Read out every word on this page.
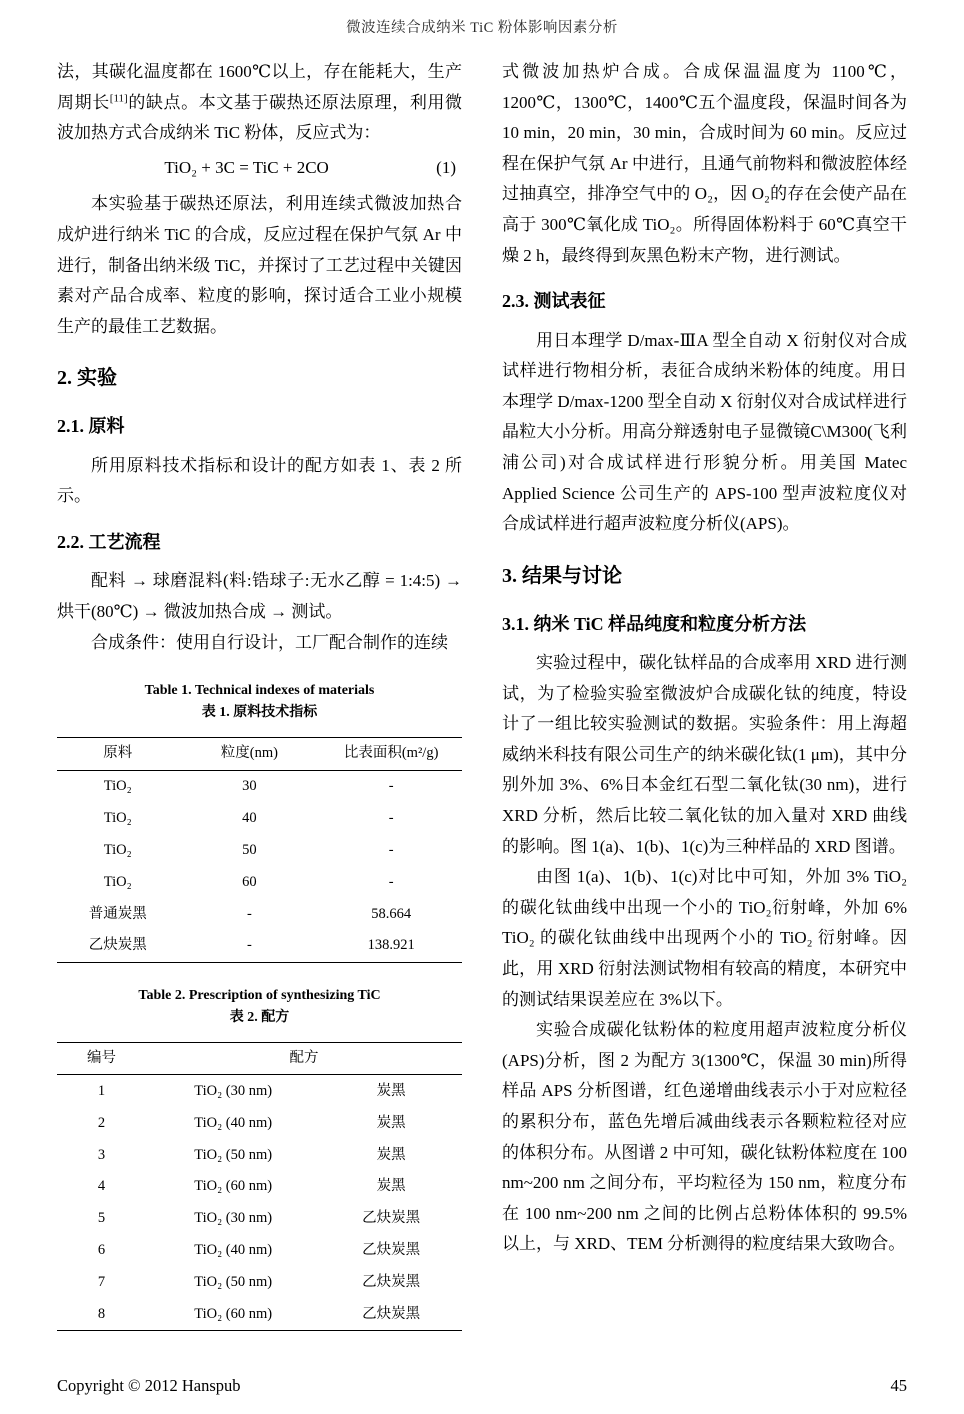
微波连续合成纳米 TiC 粉体影响因素分析

法，其碳化温度都在 1600℃以上，存在能耗大，生产周期长[11]的缺点。本文基于碳热还原法原理，利用微波加热方式合成纳米 TiC 粉体，反应式为：

TiO₂ + 3C = TiC + 2CO	(1)

本实验基于碳热还原法，利用连续式微波加热合成炉进行纳米 TiC 的合成，反应过程在保护气氛 Ar 中进行，制备出纳米级 TiC，并探讨了工艺过程中关键因素对产品合成率、粒度的影响，探讨适合工业小规模生产的最佳工艺数据。

2. 实验
2.1. 原料

所用原料技术指标和设计的配方如表 1、表 2 所示。

2.2. 工艺流程

配料 → 球磨混料(料:锆球子:无水乙醇 = 1:4:5) → 烘干(80℃) → 微波加热合成 → 测试。

合成条件：使用自行设计，工厂配合制作的连续

Table 1. Technical indexes of materials
表 1. 原料技术指标
原料	粒度(nm)	比表面积(m²/g)
TiO₂	30	-
TiO₂	40	-
TiO₂	50	-
TiO₂	60	-
普通炭黑	-	58.664
乙炔炭黑	-	138.921
Table 2. Prescription of synthesizing TiC
表 2. 配方
编号	配方	
1	TiO₂ (30 nm)	炭黑
2	TiO₂ (40 nm)	炭黑
3	TiO₂ (50 nm)	炭黑
4	TiO₂ (60 nm)	炭黑
5	TiO₂ (30 nm)	乙炔炭黑
6	TiO₂ (40 nm)	乙炔炭黑
7	TiO₂ (50 nm)	乙炔炭黑
8	TiO₂ (60 nm)	乙炔炭黑

式微波加热炉合成。合成保温温度为 1100℃，1200℃，1300℃，1400℃五个温度段，保温时间各为 10 min，20 min，30 min，合成时间为 60 min。反应过程在保护气氛 Ar 中进行，且通气前物料和微波腔体经过抽真空，排净空气中的 O₂，因 O₂的存在会使产品在高于 300℃氧化成 TiO₂。所得固体粉料于 60℃真空干燥 2 h，最终得到灰黑色粉末产物，进行测试。

2.3. 测试表征

用日本理学 D/max-ⅢA 型全自动 X 衍射仪对合成试样进行物相分析，表征合成纳米粉体的纯度。用日本理学 D/max-1200 型全自动 X 衍射仪对合成试样进行晶粒大小分析。用高分辩透射电子显微镜C\M300(飞利浦公司)对合成试样进行形貌分析。用美国 Matec Applied Science 公司生产的 APS-100 型声波粒度仪对合成试样进行超声波粒度分析仪(APS)。

3. 结果与讨论
3.1. 纳米 TiC 样品纯度和粒度分析方法

实验过程中，碳化钛样品的合成率用 XRD 进行测试，为了检验实验室微波炉合成碳化钛的纯度，特设计了一组比较实验测试的数据。实验条件：用上海超威纳米科技有限公司生产的纳米碳化钛(1 μm)，其中分别外加 3%、6%日本金红石型二氧化钛(30 nm)，进行 XRD 分析，然后比较二氧化钛的加入量对 XRD 曲线的影响。图 1(a)、1(b)、1(c)为三种样品的 XRD 图谱。

由图 1(a)、1(b)、1(c)对比中可知，外加 3% TiO₂的碳化钛曲线中出现一个小的 TiO₂衍射峰，外加 6% TiO₂ 的碳化钛曲线中出现两个小的 TiO₂ 衍射峰。因此，用 XRD 衍射法测试物相有较高的精度，本研究中的测试结果误差应在 3%以下。

实验合成碳化钛粉体的粒度用超声波粒度分析仪(APS)分析，图 2 为配方 3(1300℃，保温 30 min)所得样品 APS 分析图谱，红色递增曲线表示小于对应粒径的累积分布，蓝色先增后减曲线表示各颗粒粒径对应的体积分布。从图谱 2 中可知，碳化钛粉体粒度在 100 nm~200 nm 之间分布，平均粒径为 150 nm，粒度分布在 100 nm~200 nm 之间的比例占总粉体体积的 99.5%以上，与 XRD、TEM 分析测得的粒度结果大致吻合。

Copyright © 2012 Hanspub	45
